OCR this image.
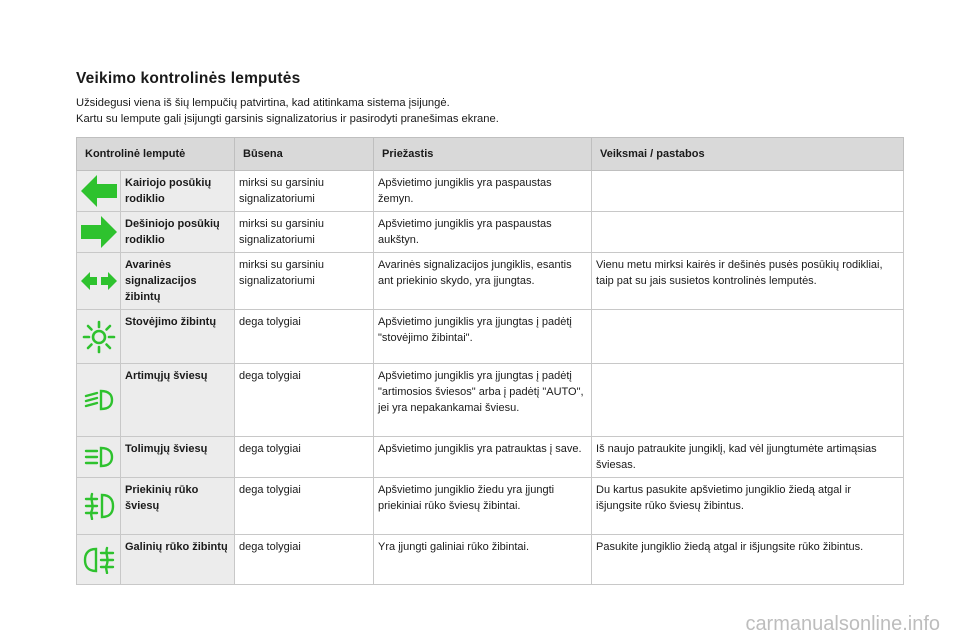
Veikimo kontrolinės lemputės
Užsidegusi viena iš šių lempučių patvirtina, kad atitinkama sistema įsijungė.
Kartu su lempute gali įsijungti garsinis signalizatorius ir pasirodyti pranešimas ekrane.
Kontrolinė lemputė		Būsena	Priežastis	Veiksmai / pastabos

	Kairiojo posūkių rodiklio	mirksi su garsiniu signalizatoriumi	Apšvietimo jungiklis yra paspaustas žemyn.	

	Dešiniojo posūkių rodiklio	mirksi su garsiniu signalizatoriumi	Apšvietimo jungiklis yra paspaustas aukštyn.	

	Avarinės signalizacijos žibintų	mirksi su garsiniu signalizatoriumi	Avarinės signalizacijos jungiklis, esantis ant priekinio skydo, yra įjungtas.	Vienu metu mirksi kairės ir dešinės pusės posūkių rodikliai, taip pat su jais susietos kontrolinės lemputės.

	Stovėjimo žibintų	dega tolygiai	Apšvietimo jungiklis yra įjungtas į padėtį "stovėjimo žibintai".	

	Artimųjų šviesų	dega tolygiai	Apšvietimo jungiklis yra įjungtas į padėtį "artimosios šviesos" arba į padėtį "AUTO", jei yra nepakankamai šviesu.	

	Tolimųjų šviesų	dega tolygiai	Apšvietimo jungiklis yra patrauktas į save.	Iš naujo patraukite jungiklį, kad vėl įjungtumėte artimąsias šviesas.

	Priekinių rūko šviesų	dega tolygiai	Apšvietimo jungiklio žiedu yra įjungti priekiniai rūko šviesų žibintai.	Du kartus pasukite apšvietimo jungiklio žiedą atgal ir išjungsite rūko šviesų žibintus.

	Galinių rūko žibintų	dega tolygiai	Yra įjungti galiniai rūko žibintai.	Pasukite jungiklio žiedą atgal ir išjungsite rūko žibintus.
carmanualsonline.info
